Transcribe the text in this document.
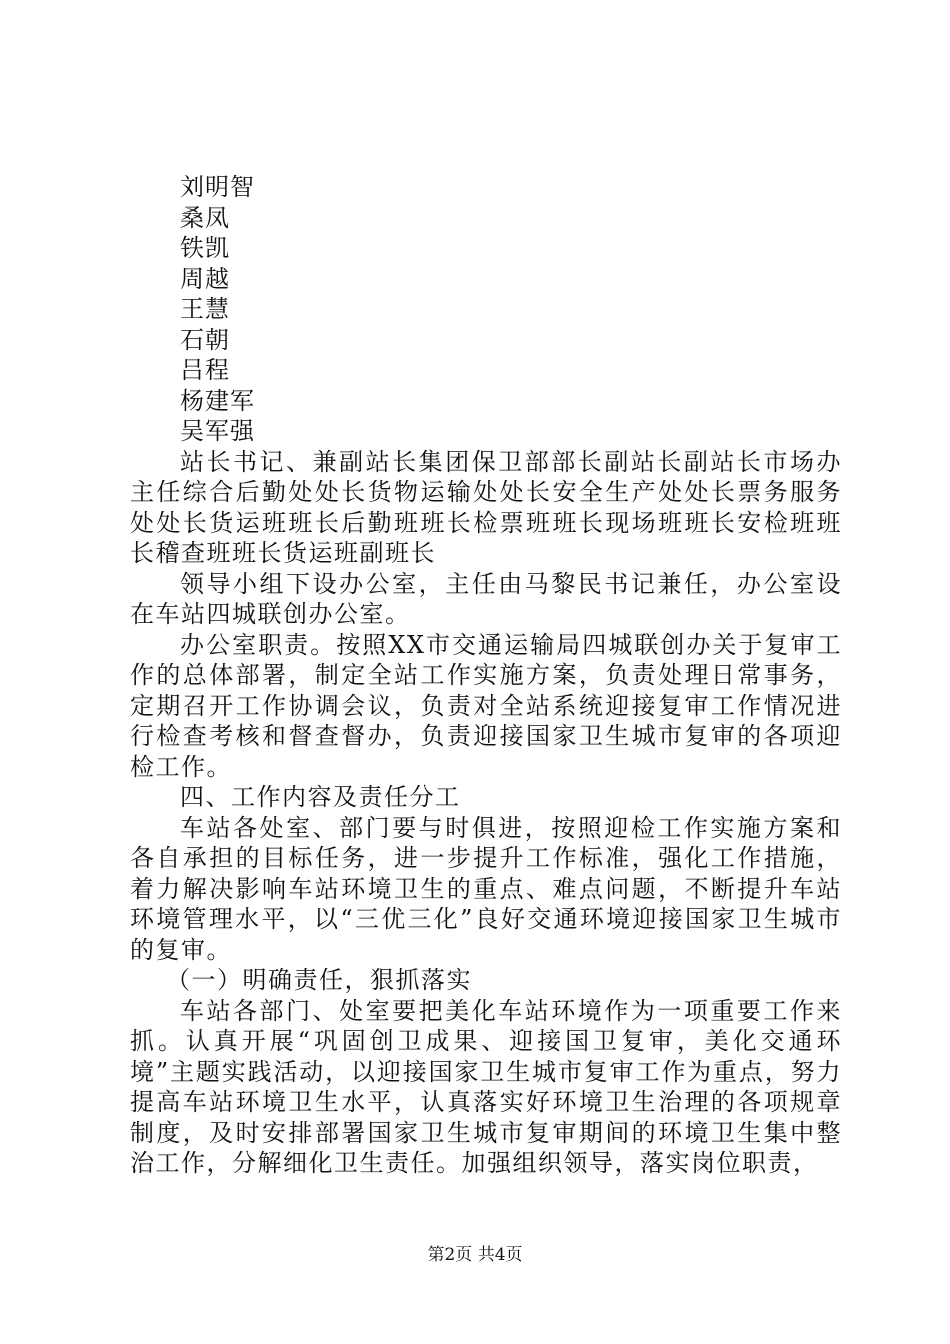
刘明智
桑凤
铁凯
周越
王慧
石朝
吕程
杨建军
吴军强

站长书记、兼副站长集团保卫部部长副站长副站长市场办主任综合后勤处处长货物运输处处长安全生产处处长票务服务处处长货运班班长后勤班班长检票班班长现场班班长安检班班长稽查班班长货运班副班长

领导小组下设办公室，主任由马黎民书记兼任，办公室设在车站四城联创办公室。

办公室职责。按照XX市交通运输局四城联创办关于复审工作的总体部署，制定全站工作实施方案，负责处理日常事务，定期召开工作协调会议，负责对全站系统迎接复审工作情况进行检查考核和督查督办，负责迎接国家卫生城市复审的各项迎检工作。

四、工作内容及责任分工

车站各处室、部门要与时俱进，按照迎检工作实施方案和各自承担的目标任务，进一步提升工作标准，强化工作措施，着力解决影响车站环境卫生的重点、难点问题，不断提升车站环境管理水平，以“三优三化”良好交通环境迎接国家卫生城市的复审。

（一）明确责任，狠抓落实

车站各部门、处室要把美化车站环境作为一项重要工作来抓。认真开展“巩固创卫成果、迎接国卫复审，美化交通环境”主题实践活动，以迎接国家卫生城市复审工作为重点，努力提高车站环境卫生水平，认真落实好环境卫生治理的各项规章制度，及时安排部署国家卫生城市复审期间的环境卫生集中整治工作，分解细化卫生责任。加强组织领导，落实岗位职责，

第2页 共4页
